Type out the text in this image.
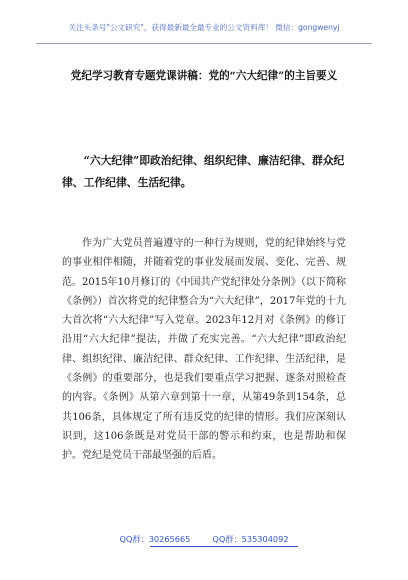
关注头条号"公文研究"，获得最新最全最专业的公文资料库！ 微信：gongwenyj
党纪学习教育专题党课讲稿：党的“六大纪律”的主旨要义

“六大纪律”即政治纪律、组织纪律、廉洁纪律、群众纪律、工作纪律、生活纪律。

作为广大党员普遍遵守的一种行为规则，党的纪律始终与党的事业相伴相随，并随着党的事业发展而发展、变化、完善、规范。2015年10月修订的《中国共产党纪律处分条例》（以下简称《条例》）首次将党的纪律整合为“六大纪律”，2017年党的十九大首次将“六大纪律”写入党章。2023年12月对《条例》的修订沿用“六大纪律”提法，并做了充实完善。“六大纪律”即政治纪律、组织纪律、廉洁纪律、群众纪律、工作纪律、生活纪律，是《条例》的重要部分，也是我们要重点学习把握、逐条对照检查的内容。《条例》从第六章到第十一章，从第49条到154条，总共106条，具体规定了所有违反党的纪律的情形。我们应深刻认识到，这106条既是对党员干部的警示和约束，也是帮助和保护。党纪是党员干部最坚强的后盾。

QQ群：30265665	QQ群：535304092
